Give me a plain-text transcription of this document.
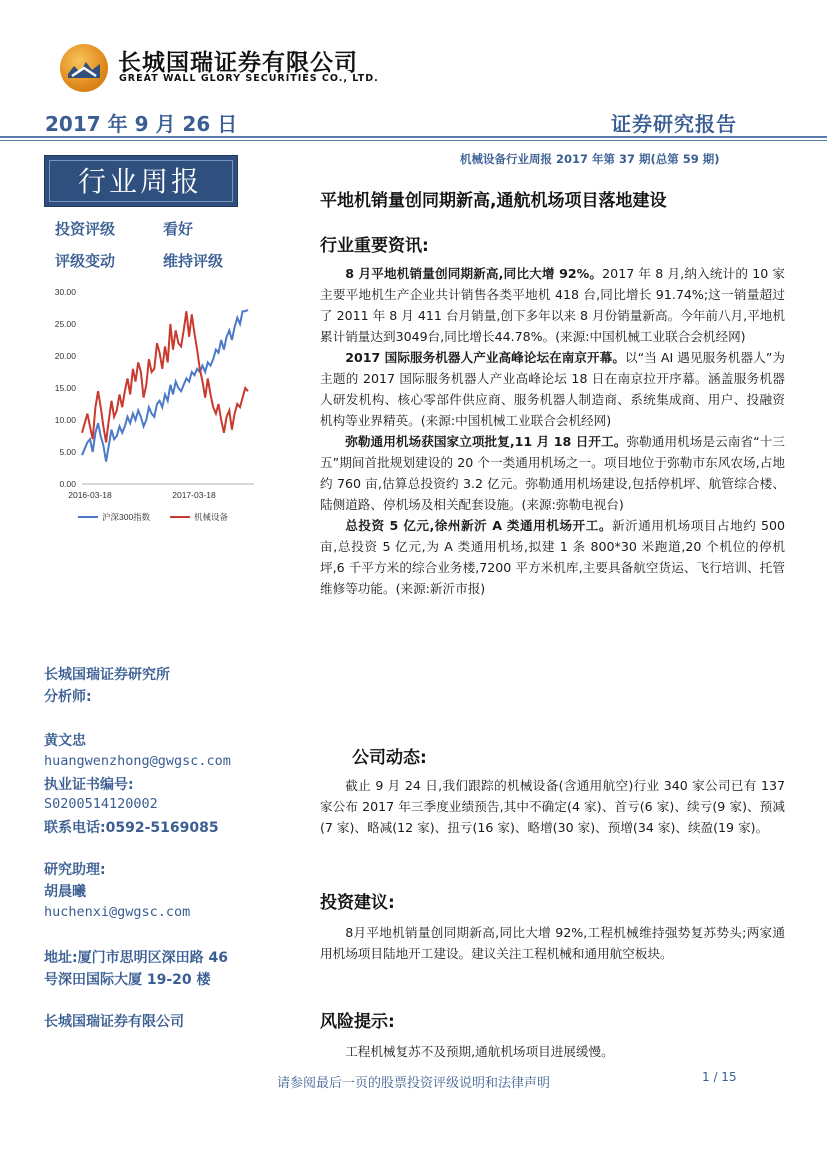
长城国瑞证券有限公司
GREAT WALL GLORY SECURITIES CO., LTD.
2017 年 9 月 26 日	证券研究报告
行业周报
投资评级	看好
评级变动	维持评级
30.00
25.00
20.00
15.00
10.00
5.00
0.00
2016-03-18	2017-03-18
沪深300指数	机械设备
长城国瑞证券研究所
分析师:
黄文忠
huangwenzhong@gwgsc.com
执业证书编号:
S0200514120002
联系电话:0592-5169085
研究助理:
胡晨曦
huchenxi@gwgsc.com
地址:厦门市思明区深田路 46
号深田国际大厦 19-20 楼
长城国瑞证券有限公司
机械设备行业周报 2017 年第 37 期(总第 59 期)
平地机销量创同期新高,通航机场项目落地建设
行业重要资讯:

8 月平地机销量创同期新高,同比大增 92%。2017 年 8 月,纳入统计的 10 家主要平地机生产企业共计销售各类平地机 418 台,同比增长 91.74%;这一销量超过了 2011 年 8 月 411 台月销量,创下多年以来 8 月份销量新高。今年前八月,平地机累计销量达到3049台,同比增长44.78%。(来源:中国机械工业联合会机经网)

2017 国际服务机器人产业高峰论坛在南京开幕。以“当 AI 遇见服务机器人”为主题的 2017 国际服务机器人产业高峰论坛 18 日在南京拉开序幕。涵盖服务机器人研发机构、核心零部件供应商、服务机器人制造商、系统集成商、用户、投融资机构等业界精英。(来源:中国机械工业联合会机经网)

弥勒通用机场获国家立项批复,11 月 18 日开工。弥勒通用机场是云南省“十三五”期间首批规划建设的 20 个一类通用机场之一。项目地位于弥勒市东风农场,占地约 760 亩,估算总投资约 3.2 亿元。弥勒通用机场建设,包括停机坪、航管综合楼、陆侧道路、停机场及相关配套设施。(来源:弥勒电视台)

总投资 5 亿元,徐州新沂 A 类通用机场开工。新沂通用机场项目占地约 500 亩,总投资 5 亿元,为 A 类通用机场,拟建 1 条 800*30 米跑道,20 个机位的停机坪,6 千平方米的综合业务楼,7200 平方米机库,主要具备航空货运、飞行培训、托管维修等功能。(来源:新沂市报)

公司动态:

截止 9 月 24 日,我们跟踪的机械设备(含通用航空)行业 340 家公司已有 137 家公布 2017 年三季度业绩预告,其中不确定(4 家)、首亏(6 家)、续亏(9 家)、预减(7 家)、略减(12 家)、扭亏(16 家)、略增(30 家)、预增(34 家)、续盈(19 家)。

投资建议:

8月平地机销量创同期新高,同比大增 92%,工程机械维持强势复苏势头;两家通用机场项目陆地开工建设。建议关注工程机械和通用航空板块。

风险提示:

工程机械复苏不及预期,通航机场项目进展缓慢。

请参阅最后一页的股票投资评级说明和法律声明	1 / 15
